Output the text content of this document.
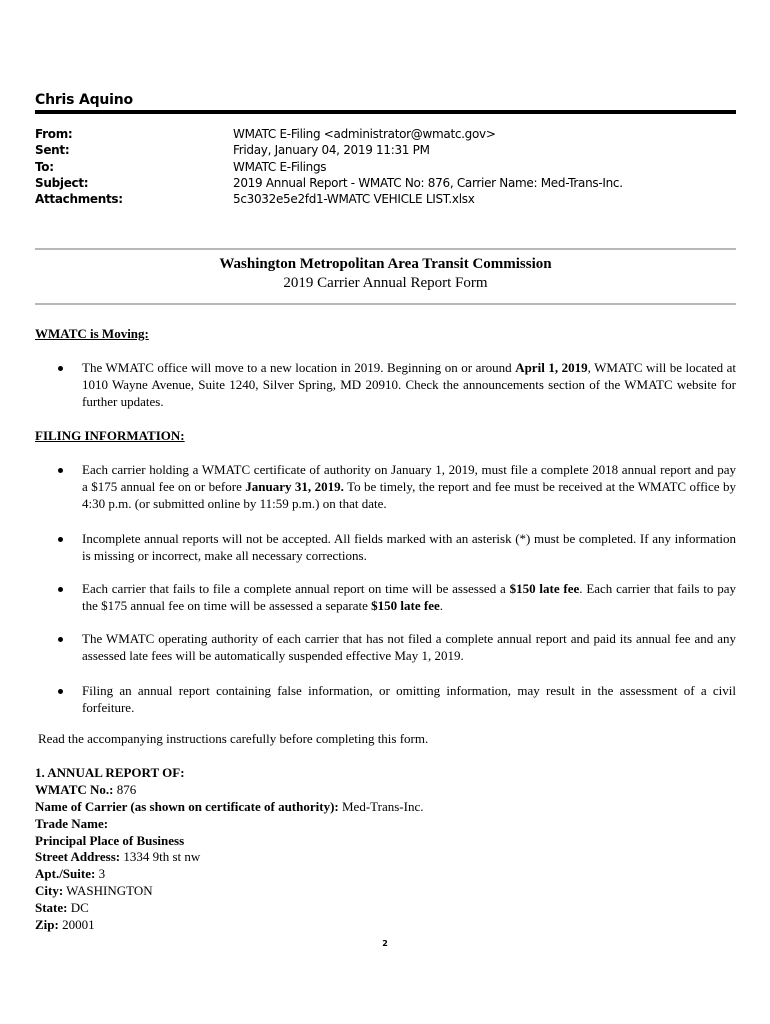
Chris Aquino
From:	WMATC E-Filing <administrator@wmatc.gov>
Sent:	Friday, January 04, 2019 11:31 PM
To:	WMATC E-Filings
Subject:	2019 Annual Report - WMATC No: 876, Carrier Name: Med-Trans-Inc.
Attachments:	5c3032e5e2fd1-WMATC VEHICLE LIST.xlsx
Washington Metropolitan Area Transit Commission
2019 Carrier Annual Report Form
WMATC is Moving:
The WMATC office will move to a new location in 2019. Beginning on or around April 1, 2019, WMATC will be located at 1010 Wayne Avenue, Suite 1240, Silver Spring, MD 20910. Check the announcements section of the WMATC website for further updates.
FILING INFORMATION:
Each carrier holding a WMATC certificate of authority on January 1, 2019, must file a complete 2018 annual report and pay a $175 annual fee on or before January 31, 2019. To be timely, the report and fee must be received at the WMATC office by 4:30 p.m. (or submitted online by 11:59 p.m.) on that date.
Incomplete annual reports will not be accepted. All fields marked with an asterisk (*) must be completed. If any information is missing or incorrect, make all necessary corrections.
Each carrier that fails to file a complete annual report on time will be assessed a $150 late fee. Each carrier that fails to pay the $175 annual fee on time will be assessed a separate $150 late fee.
The WMATC operating authority of each carrier that has not filed a complete annual report and paid its annual fee and any assessed late fees will be automatically suspended effective May 1, 2019.
Filing an annual report containing false information, or omitting information, may result in the assessment of a civil forfeiture.
Read the accompanying instructions carefully before completing this form.
1. ANNUAL REPORT OF:
WMATC No.: 876
Name of Carrier (as shown on certificate of authority): Med-Trans-Inc.
Trade Name:
Principal Place of Business
Street Address: 1334 9th st nw
Apt./Suite: 3
City: WASHINGTON
State: DC
Zip: 20001
2
